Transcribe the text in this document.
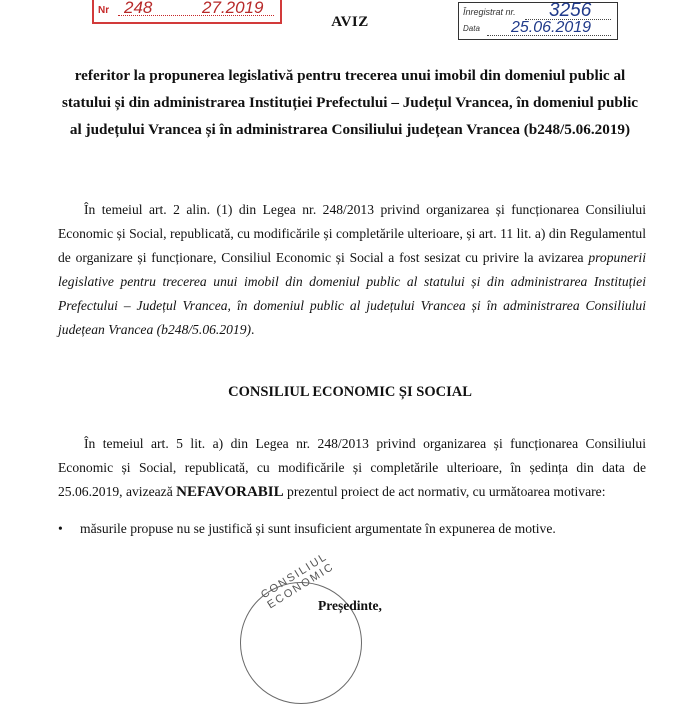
Nr 248	27.2019	Înregistrat nr. 3256
Data 25.06.2019
AVIZ
referitor la propunerea legislativă pentru trecerea unui imobil din domeniul public al statului și din administrarea Instituției Prefectului – Județul Vrancea, în domeniul public al județului Vrancea și în administrarea Consiliului județean Vrancea (b248/5.06.2019)
În temeiul art. 2 alin. (1) din Legea nr. 248/2013 privind organizarea și funcționarea Consiliului Economic și Social, republicată, cu modificările și completările ulterioare, și art. 11 lit. a) din Regulamentul de organizare și funcționare, Consiliul Economic și Social a fost sesizat cu privire la avizarea propunerii legislative pentru trecerea unui imobil din domeniul public al statului și din administrarea Instituției Prefectului – Județul Vrancea, în domeniul public al județului Vrancea și în administrarea Consiliului județean Vrancea (b248/5.06.2019).
CONSILIUL ECONOMIC ȘI SOCIAL
În temeiul art. 5 lit. a) din Legea nr. 248/2013 privind organizarea și funcționarea Consiliului Economic și Social, republicată, cu modificările și completările ulterioare, în ședința din data de 25.06.2019, avizează NEFAVORABIL prezentul proiect de act normativ, cu următoarea motivare:
• măsurile propuse nu se justifică și sunt insuficient argumentate în expunerea de motive.
CONSILIUL ECONOMIC
Președinte,
